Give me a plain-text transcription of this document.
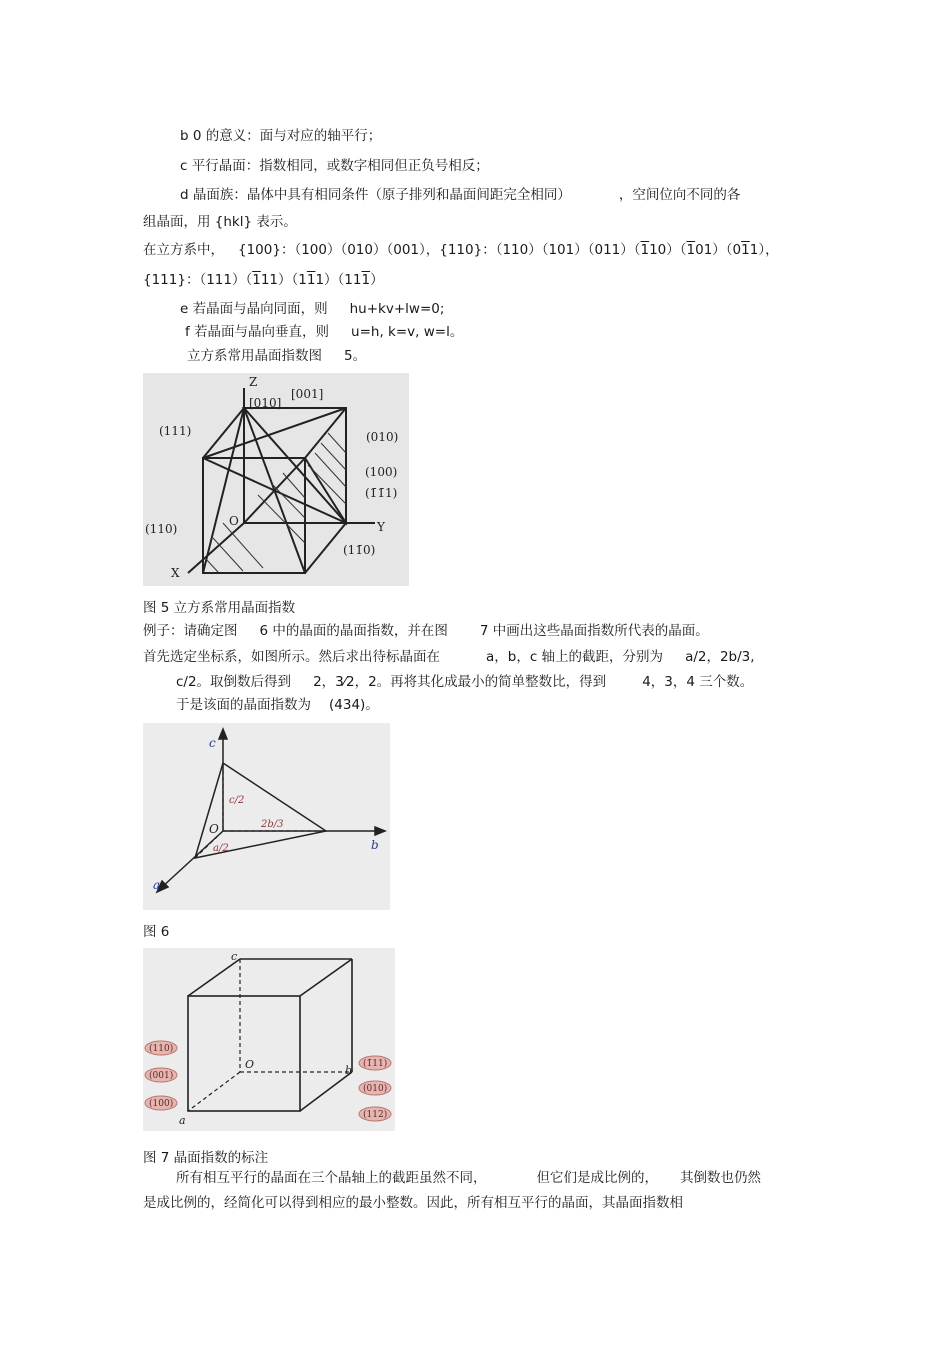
b 0 的意义：面与对应的轴平行；
c 平行晶面：指数相同，或数字相同但正负号相反；
d 晶面族：晶体中具有相同条件（原子排列和晶面间距完全相同）	，空间位向不同的各
组晶面，用 {hkl} 表示。
在立方系中， {100}：（100）（010）（001），{110}：（110）（101）（011）（110）（101）（011），
{111}：（111）（111）（111）（111）
e 若晶面与晶向同面，则 hu+kv+lw=0;
f 若晶面与晶向垂直，则 u=h, k=v, w=l。
立方系常用晶面指数图 5。
Z
Y
X
O
[010]
[001]
(111)	(010)
(100)
(1̄1̄1)
(110)
(11̄0)
图 5 立方系常用晶面指数
例子：请确定图 6 中的晶面的晶面指数，并在图 7 中画出这些晶面指数所代表的晶面。
首先选定坐标系，如图所示。然后求出待标晶面在	a，b，c 轴上的截距，分别为 a/2，2b/3,
c/2。取倒数后得到 2，3⁄2，2。再将其化成最小的简单整数比，得到	4，3，4 三个数。
于是该面的晶面指数为 (434)。
c
b
a
O
c/2
2b/3
a/2
图 6
c
b
a
O
(110)
(001)
(100)
(1̄11)
(010)
(112)
图 7 晶面指数的标注
所有相互平行的晶面在三个晶轴上的截距虽然不同，	但它们是成比例的， 其倒数也仍然
是成比例的，经简化可以得到相应的最小整数。因此，所有相互平行的晶面，其晶面指数相
